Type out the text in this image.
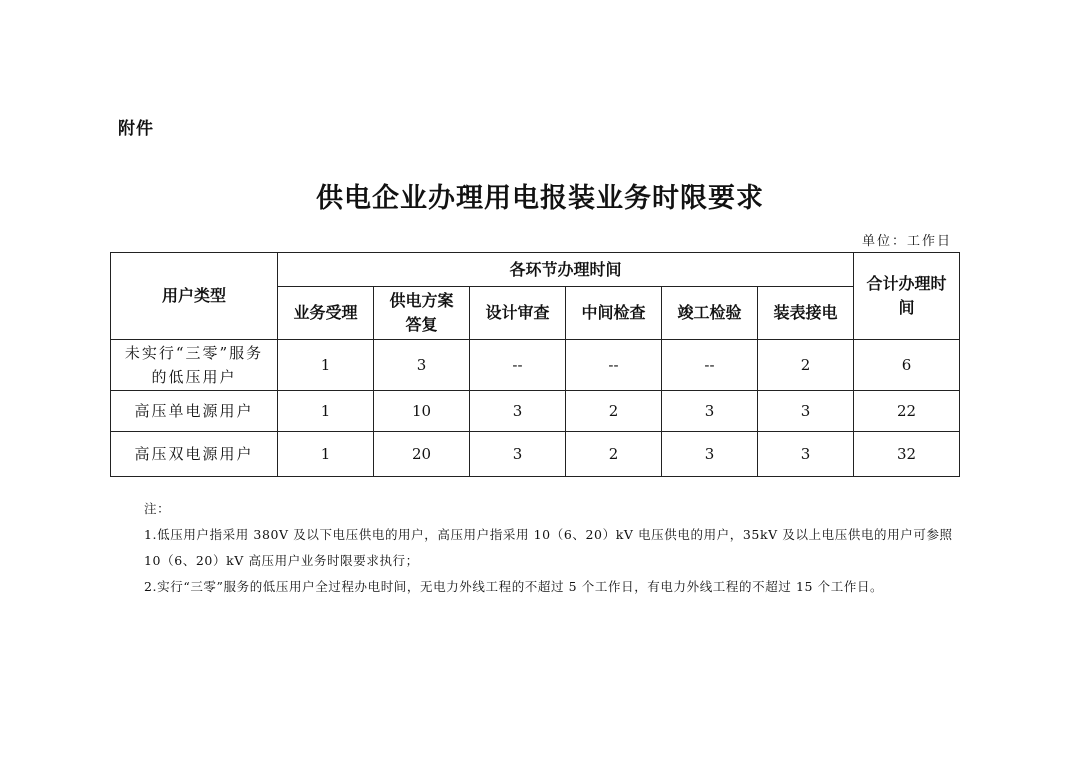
附件
供电企业办理用电报装业务时限要求
单位：工作日
用户类型	各环节办理时间						合计办理时间
	业务受理	供电方案答复	设计审查	中间检查	竣工检验	装表接电	
未实行“三零”服务的低压用户	1	3	--	--	--	2	6
高压单电源用户	1	10	3	2	3	3	22
高压双电源用户	1	20	3	2	3	3	32
注：
1.低压用户指采用 380V 及以下电压供电的用户，高压用户指采用 10（6、20）kV 电压供电的用户，35kV 及以上电压供电的用户可参照 10（6、20）kV 高压用户业务时限要求执行；
2.实行“三零”服务的低压用户全过程办电时间，无电力外线工程的不超过 5 个工作日，有电力外线工程的不超过 15 个工作日。
